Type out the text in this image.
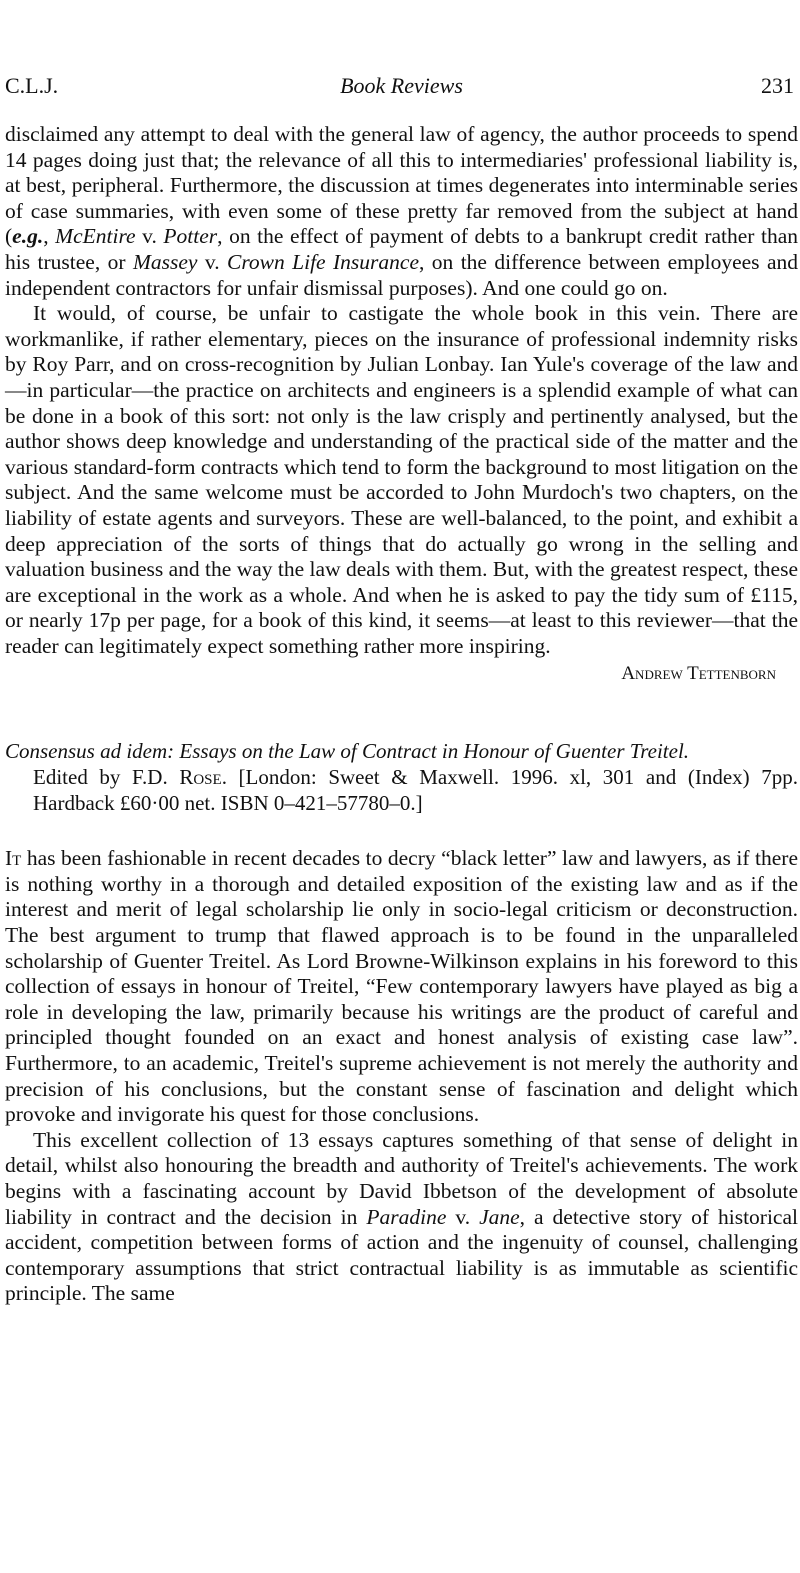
C.L.J.	Book Reviews	231

disclaimed any attempt to deal with the general law of agency, the author proceeds to spend 14 pages doing just that; the relevance of all this to intermediaries' professional liability is, at best, peripheral. Furthermore, the discussion at times degenerates into interminable series of case summaries, with even some of these pretty far removed from the subject at hand (e.g., McEntire v. Potter, on the effect of payment of debts to a bankrupt credit rather than his trustee, or Massey v. Crown Life Insurance, on the difference between employees and independent contractors for unfair dismissal purposes). And one could go on.

It would, of course, be unfair to castigate the whole book in this vein. There are workmanlike, if rather elementary, pieces on the insurance of professional indemnity risks by Roy Parr, and on cross-recognition by Julian Lonbay. Ian Yule's coverage of the law and—in particular—the practice on architects and engineers is a splendid example of what can be done in a book of this sort: not only is the law crisply and pertinently analysed, but the author shows deep knowledge and understanding of the practical side of the matter and the various standard-form contracts which tend to form the background to most litigation on the subject. And the same welcome must be accorded to John Murdoch's two chapters, on the liability of estate agents and surveyors. These are well-balanced, to the point, and exhibit a deep appreciation of the sorts of things that do actually go wrong in the selling and valuation business and the way the law deals with them. But, with the greatest respect, these are exceptional in the work as a whole. And when he is asked to pay the tidy sum of £115, or nearly 17p per page, for a book of this kind, it seems—at least to this reviewer—that the reader can legitimately expect something rather more inspiring.

Andrew Tettenborn
Consensus ad idem: Essays on the Law of Contract in Honour of Guenter Treitel.
Edited by F.D. Rose. [London: Sweet & Maxwell. 1996. xl, 301 and (Index) 7pp. Hardback £60·00 net. ISBN 0–421–57780–0.]

It has been fashionable in recent decades to decry “black letter” law and lawyers, as if there is nothing worthy in a thorough and detailed exposition of the existing law and as if the interest and merit of legal scholarship lie only in socio-legal criticism or deconstruction. The best argument to trump that flawed approach is to be found in the unparalleled scholarship of Guenter Treitel. As Lord Browne-Wilkinson explains in his foreword to this collection of essays in honour of Treitel, “Few contemporary lawyers have played as big a role in developing the law, primarily because his writings are the product of careful and principled thought founded on an exact and honest analysis of existing case law”. Furthermore, to an academic, Treitel's supreme achievement is not merely the authority and precision of his conclusions, but the constant sense of fascination and delight which provoke and invigorate his quest for those conclusions.

This excellent collection of 13 essays captures something of that sense of delight in detail, whilst also honouring the breadth and authority of Treitel's achievements. The work begins with a fascinating account by David Ibbetson of the development of absolute liability in contract and the decision in Paradine v. Jane, a detective story of historical accident, competition between forms of action and the ingenuity of counsel, challenging contemporary assumptions that strict contractual liability is as immutable as scientific principle. The same
